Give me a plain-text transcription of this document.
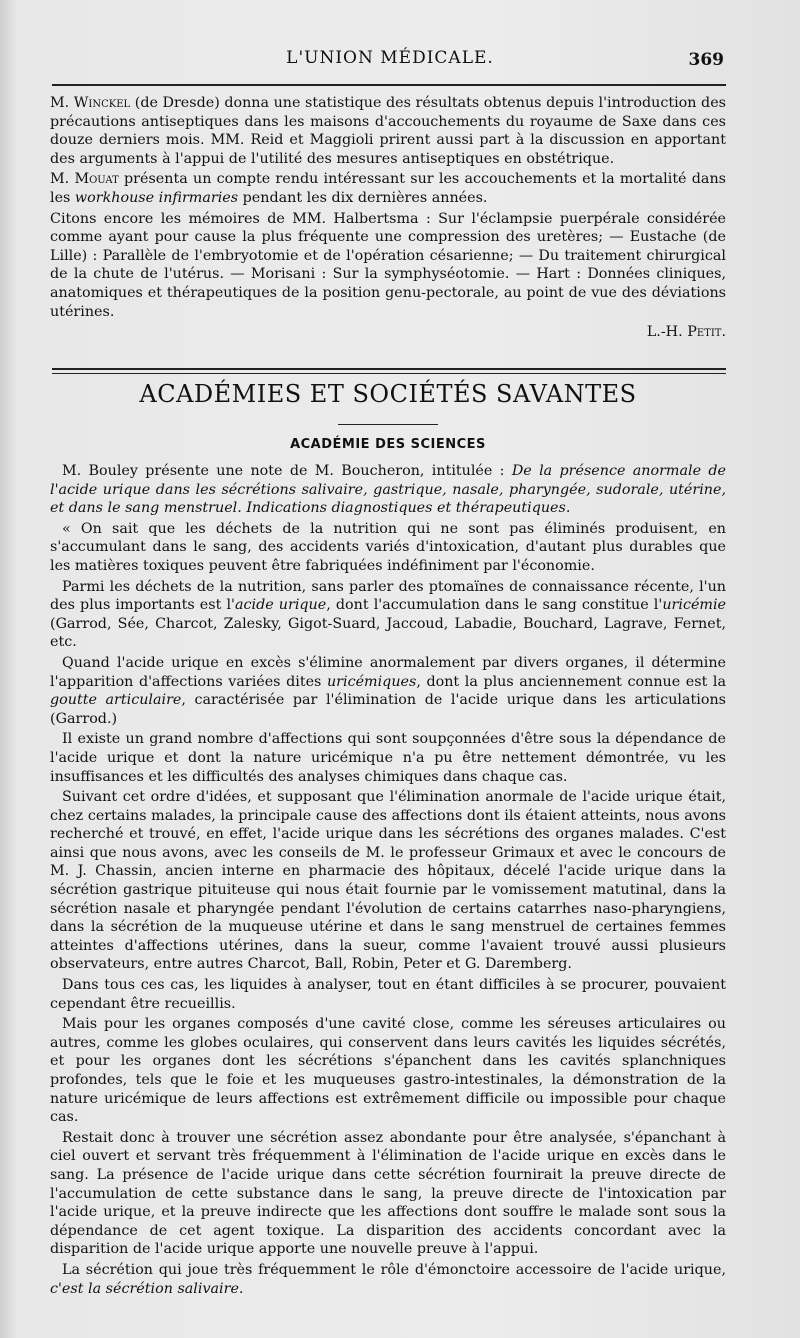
L'UNION MÉDICALE.	369

M. Winckel (de Dresde) donna une statistique des résultats obtenus depuis l'introduction des précautions antiseptiques dans les maisons d'accouchements du royaume de Saxe dans ces douze derniers mois. MM. Reid et Maggioli prirent aussi part à la discussion en apportant des arguments à l'appui de l'utilité des mesures antiseptiques en obstétrique.

M. Mouat présenta un compte rendu intéressant sur les accouchements et la mortalité dans les workhouse infirmaries pendant les dix dernières années.

Citons encore les mémoires de MM. Halbertsma : Sur l'éclampsie puerpérale considérée comme ayant pour cause la plus fréquente une compression des uretères; — Eustache (de Lille) : Parallèle de l'embryotomie et de l'opération césarienne; — Du traitement chirurgical de la chute de l'utérus. — Morisani : Sur la symphyséotomie. — Hart : Données cliniques, anatomiques et thérapeutiques de la position genu-pectorale, au point de vue des déviations utérines.

L.-H. Petit.
ACADÉMIES ET SOCIÉTÉS SAVANTES
ACADÉMIE DES SCIENCES

M. Bouley présente une note de M. Boucheron, intitulée : De la présence anormale de l'acide urique dans les sécrétions salivaire, gastrique, nasale, pharyngée, sudorale, utérine, et dans le sang menstruel. Indications diagnostiques et thérapeutiques.

« On sait que les déchets de la nutrition qui ne sont pas éliminés produisent, en s'accumulant dans le sang, des accidents variés d'intoxication, d'autant plus durables que les matières toxiques peuvent être fabriquées indéfiniment par l'économie.

Parmi les déchets de la nutrition, sans parler des ptomaïnes de connaissance récente, l'un des plus importants est l'acide urique, dont l'accumulation dans le sang constitue l'uricémie (Garrod, Sée, Charcot, Zalesky, Gigot-Suard, Jaccoud, Labadie, Bouchard, Lagrave, Fernet, etc.

Quand l'acide urique en excès s'élimine anormalement par divers organes, il détermine l'apparition d'affections variées dites uricémiques, dont la plus anciennement connue est la goutte articulaire, caractérisée par l'élimination de l'acide urique dans les articulations (Garrod.)

Il existe un grand nombre d'affections qui sont soupçonnées d'être sous la dépendance de l'acide urique et dont la nature uricémique n'a pu être nettement démontrée, vu les insuffisances et les difficultés des analyses chimiques dans chaque cas.

Suivant cet ordre d'idées, et supposant que l'élimination anormale de l'acide urique était, chez certains malades, la principale cause des affections dont ils étaient atteints, nous avons recherché et trouvé, en effet, l'acide urique dans les sécrétions des organes malades. C'est ainsi que nous avons, avec les conseils de M. le professeur Grimaux et avec le concours de M. J. Chassin, ancien interne en pharmacie des hôpitaux, décelé l'acide urique dans la sécrétion gastrique pituiteuse qui nous était fournie par le vomissement matutinal, dans la sécrétion nasale et pharyngée pendant l'évolution de certains catarrhes naso-pharyngiens, dans la sécrétion de la muqueuse utérine et dans le sang menstruel de certaines femmes atteintes d'affections utérines, dans la sueur, comme l'avaient trouvé aussi plusieurs observateurs, entre autres Charcot, Ball, Robin, Peter et G. Daremberg.

Dans tous ces cas, les liquides à analyser, tout en étant difficiles à se procurer, pouvaient cependant être recueillis.

Mais pour les organes composés d'une cavité close, comme les séreuses articulaires ou autres, comme les globes oculaires, qui conservent dans leurs cavités les liquides sécrétés, et pour les organes dont les sécrétions s'épanchent dans les cavités splanchniques profondes, tels que le foie et les muqueuses gastro-intestinales, la démonstration de la nature uricémique de leurs affections est extrêmement difficile ou impossible pour chaque cas.

Restait donc à trouver une sécrétion assez abondante pour être analysée, s'épanchant à ciel ouvert et servant très fréquemment à l'élimination de l'acide urique en excès dans le sang. La présence de l'acide urique dans cette sécrétion fournirait la preuve directe de l'accumulation de cette substance dans le sang, la preuve directe de l'intoxication par l'acide urique, et la preuve indirecte que les affections dont souffre le malade sont sous la dépendance de cet agent toxique. La disparition des accidents concordant avec la disparition de l'acide urique apporte une nouvelle preuve à l'appui.

La sécrétion qui joue très fréquemment le rôle d'émonctoire accessoire de l'acide urique, c'est la sécrétion salivaire.
